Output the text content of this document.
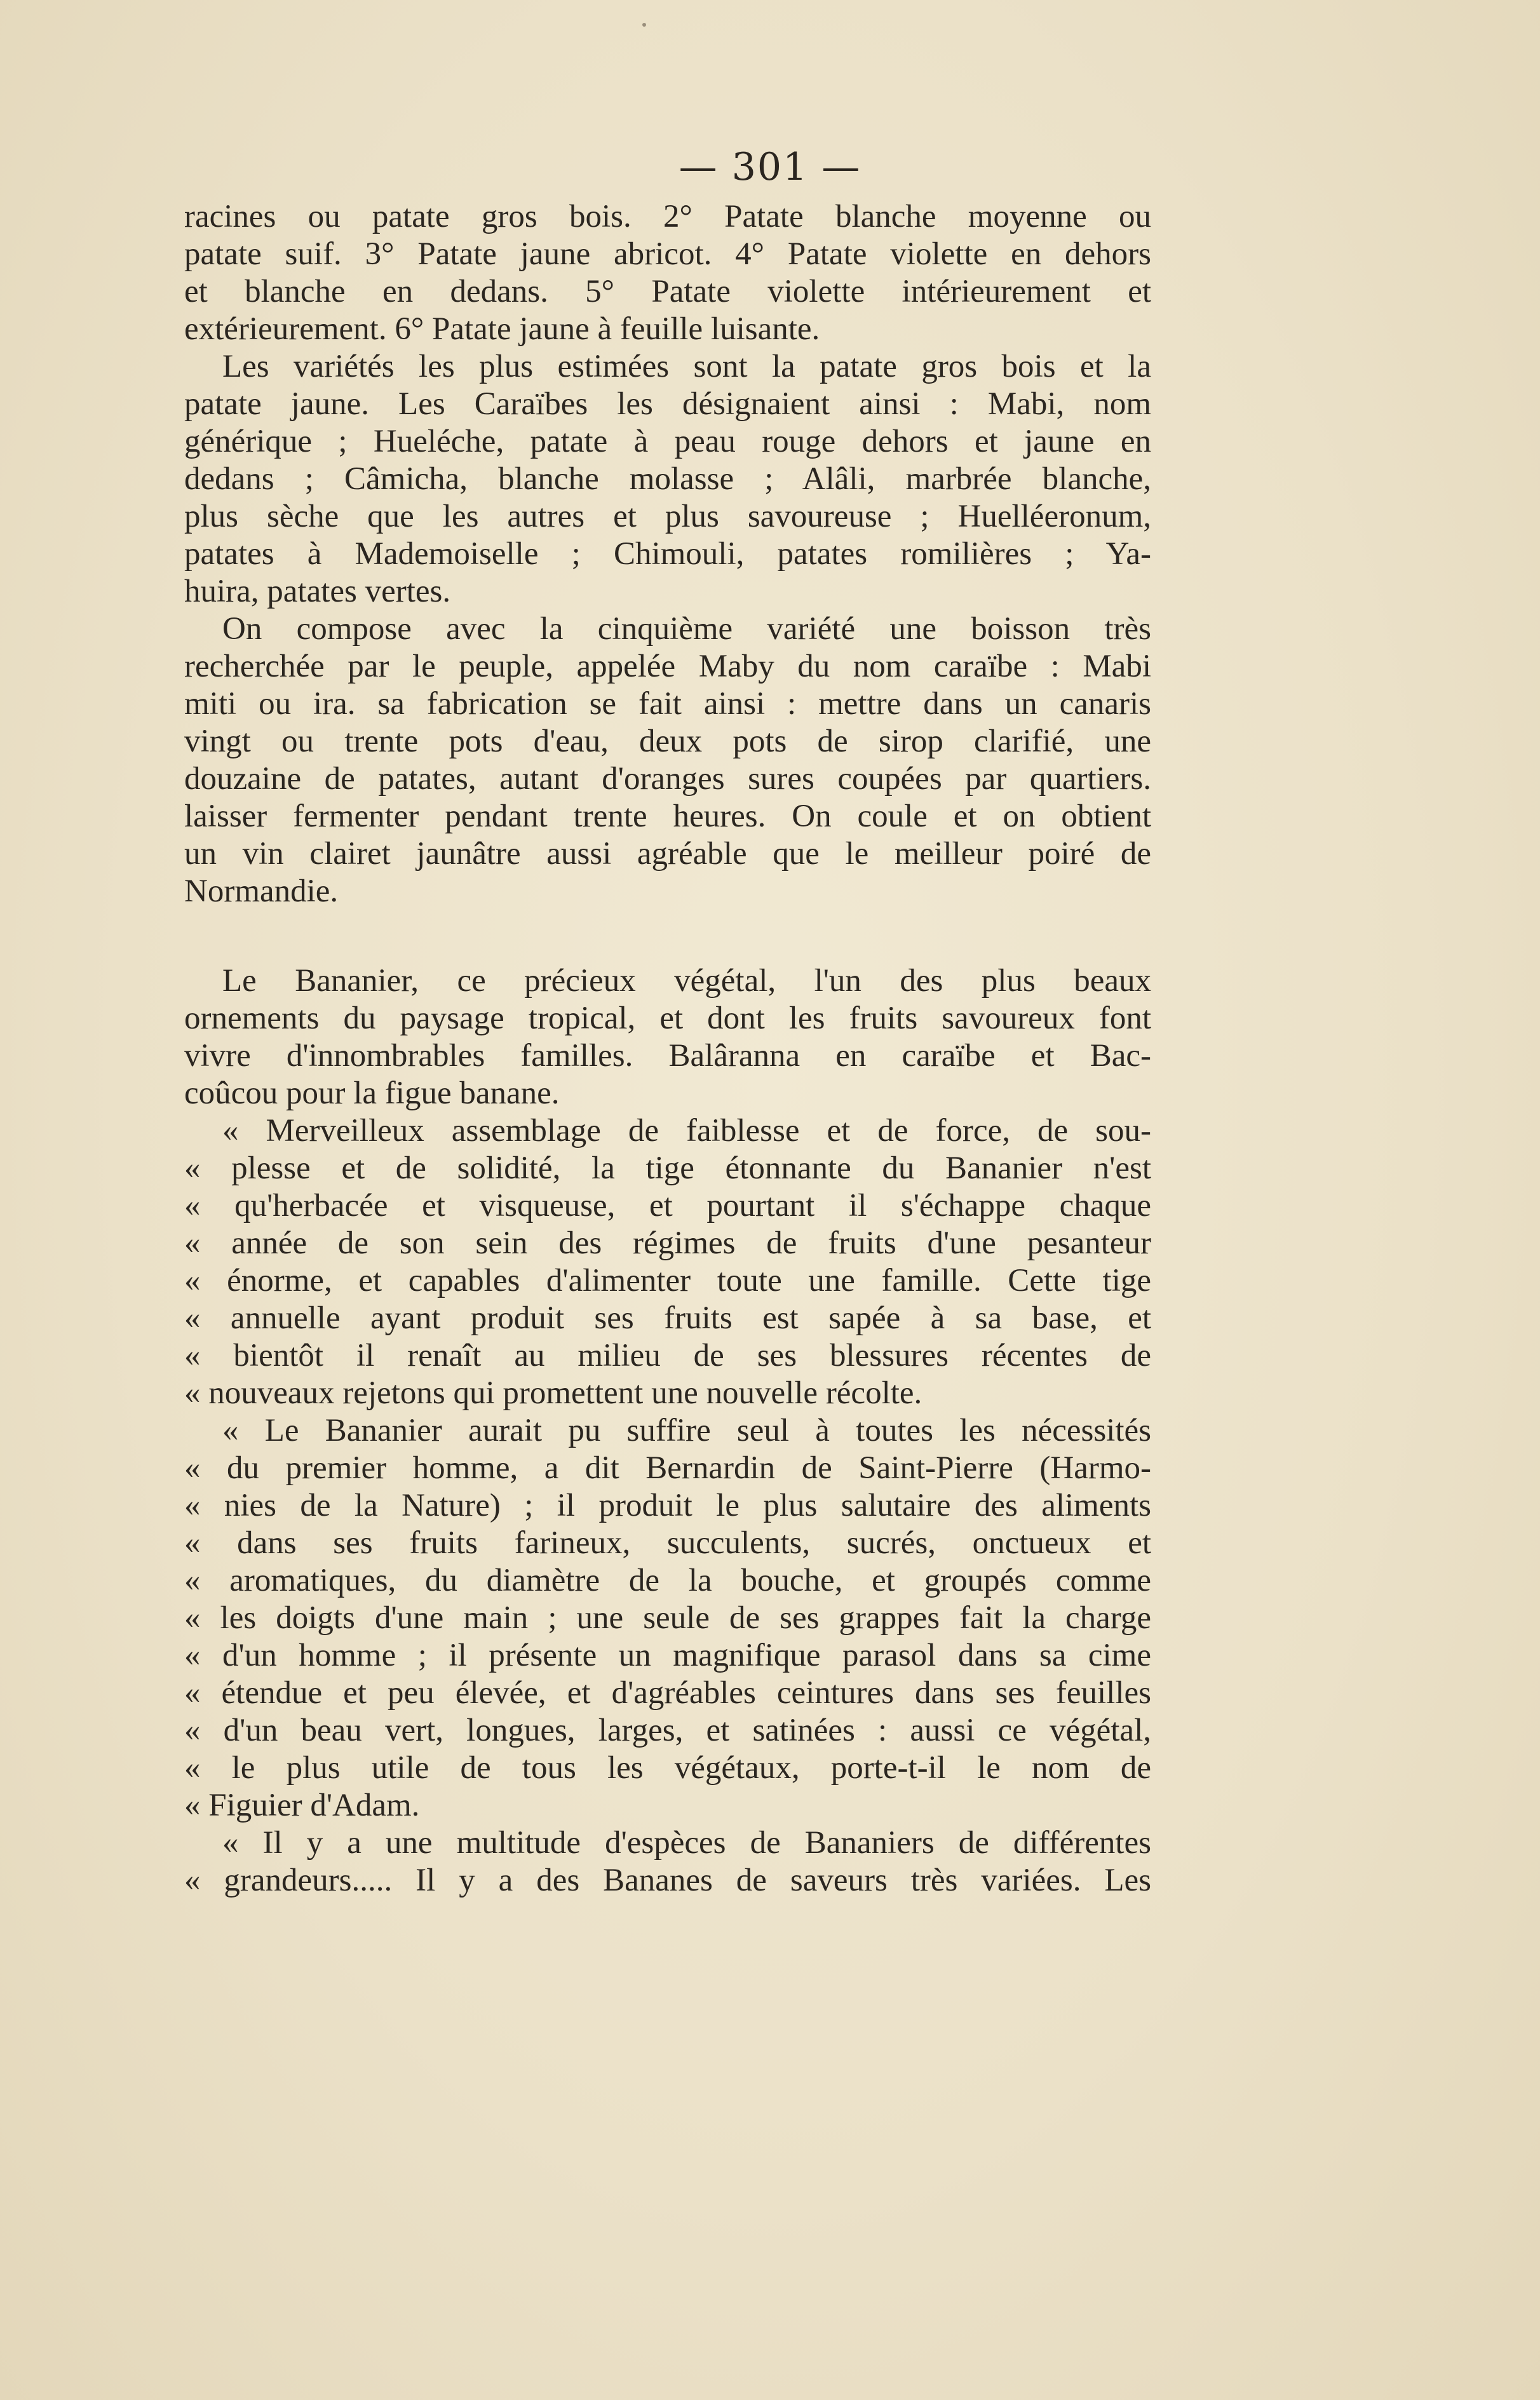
— 301 —
racines ou patate gros bois. 2° Patate blanche moyenne ou
patate suif. 3° Patate jaune abricot. 4° Patate violette en dehors
et blanche en dedans. 5° Patate violette intérieurement et
extérieurement. 6° Patate jaune à feuille luisante.
Les variétés les plus estimées sont la patate gros bois et la
patate jaune. Les Caraïbes les désignaient ainsi : Mabi, nom
générique ; Hueléche, patate à peau rouge dehors et jaune en
dedans ; Câmicha, blanche molasse ; Alâli, marbrée blanche,
plus sèche que les autres et plus savoureuse ; Huelléeronum,
patates à Mademoiselle ; Chimouli, patates romilières ; Ya-
huira, patates vertes.
On compose avec la cinquième variété une boisson très
recherchée par le peuple, appelée Maby du nom caraïbe : Mabi
miti ou ira. sa fabrication se fait ainsi : mettre dans un canaris
vingt ou trente pots d'eau, deux pots de sirop clarifié, une
douzaine de patates, autant d'oranges sures coupées par quartiers.
laisser fermenter pendant trente heures. On coule et on obtient
un vin clairet jaunâtre aussi agréable que le meilleur poiré de
Normandie.
Le Bananier, ce précieux végétal, l'un des plus beaux
ornements du paysage tropical, et dont les fruits savoureux font
vivre d'innombrables familles. Balâranna en caraïbe et Bac-
coûcou pour la figue banane.
« Merveilleux assemblage de faiblesse et de force, de sou-
« plesse et de solidité, la tige étonnante du Bananier n'est
« qu'herbacée et visqueuse, et pourtant il s'échappe chaque
« année de son sein des régimes de fruits d'une pesanteur
« énorme, et capables d'alimenter toute une famille. Cette tige
« annuelle ayant produit ses fruits est sapée à sa base, et
« bientôt il renaît au milieu de ses blessures récentes de
« nouveaux rejetons qui promettent une nouvelle récolte.
« Le Bananier aurait pu suffire seul à toutes les nécessités
« du premier homme, a dit Bernardin de Saint-Pierre (Harmo-
« nies de la Nature) ; il produit le plus salutaire des aliments
« dans ses fruits farineux, succulents, sucrés, onctueux et
« aromatiques, du diamètre de la bouche, et groupés comme
« les doigts d'une main ; une seule de ses grappes fait la charge
« d'un homme ; il présente un magnifique parasol dans sa cime
« étendue et peu élevée, et d'agréables ceintures dans ses feuilles
« d'un beau vert, longues, larges, et satinées : aussi ce végétal,
« le plus utile de tous les végétaux, porte-t-il le nom de
« Figuier d'Adam.
« Il y a une multitude d'espèces de Bananiers de différentes
« grandeurs..... Il y a des Bananes de saveurs très variées. Les
